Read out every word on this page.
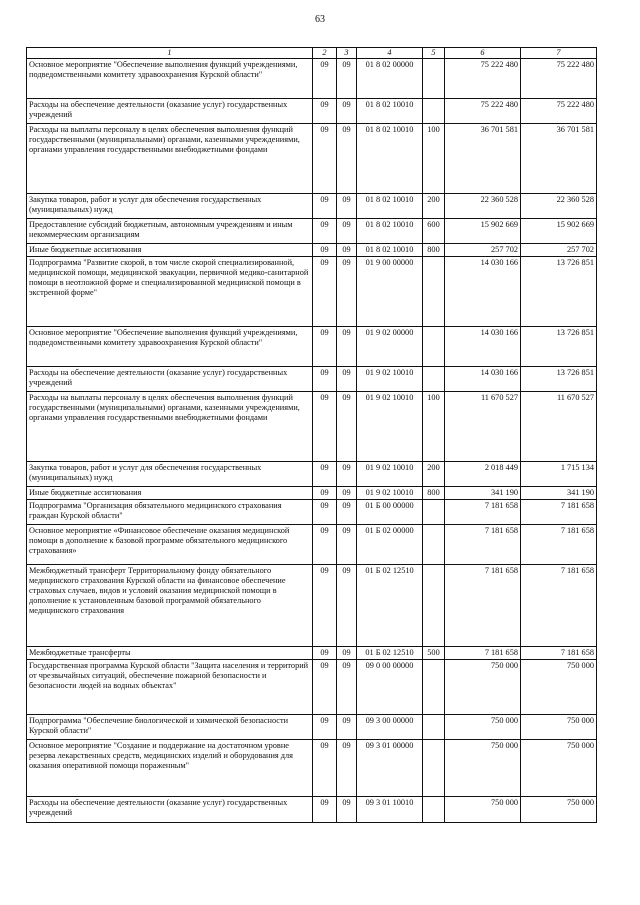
63
1	2	3	4	5	6	7
Основное мероприятие "Обеспечение выполнения функций учреждениями, подведомственными комитету здравоохранения Курской области"	09	09	01 8 02 00000		75 222 480	75 222 480
Расходы на обеспечение деятельности (оказание услуг) государственных учреждений	09	09	01 8 02 10010		75 222 480	75 222 480
Расходы на выплаты персоналу в целях обеспечения выполнения функций государственными (муниципальными) органами, казенными учреждениями, органами управления государственными внебюджетными фондами	09	09	01 8 02 10010	100	36 701 581	36 701 581
Закупка товаров, работ и услуг для обеспечения государственных (муниципальных) нужд	09	09	01 8 02 10010	200	22 360 528	22 360 528
Предоставление субсидий бюджетным, автономным учреждениям и иным некоммерческим организациям	09	09	01 8 02 10010	600	15 902 669	15 902 669
Иные бюджетные ассигнования	09	09	01 8 02 10010	800	257 702	257 702
Подпрограмма "Развитие скорой, в том числе скорой специализированной, медицинской помощи, медицинской эвакуации, первичной медико-санитарной помощи в неотложной форме и специализированной медицинской помощи в экстренной форме"	09	09	01 9 00 00000		14 030 166	13 726 851
Основное мероприятие "Обеспечение выполнения функций учреждениями, подведомственными комитету здравоохранения Курской области"	09	09	01 9 02 00000		14 030 166	13 726 851
Расходы на обеспечение деятельности (оказание услуг) государственных учреждений	09	09	01 9 02 10010		14 030 166	13 726 851
Расходы на выплаты персоналу в целях обеспечения выполнения функций государственными (муниципальными) органами, казенными учреждениями, органами управления государственными внебюджетными фондами	09	09	01 9 02 10010	100	11 670 527	11 670 527
Закупка товаров, работ и услуг для обеспечения государственных (муниципальных) нужд	09	09	01 9 02 10010	200	2 018 449	1 715 134
Иные бюджетные ассигнования	09	09	01 9 02 10010	800	341 190	341 190
Подпрограмма "Организация обязательного медицинского страхования граждан Курской области"	09	09	01 Б 00 00000		7 181 658	7 181 658
Основное мероприятие «Финансовое обеспечение оказания медицинской помощи в дополнение к базовой программе обязательного медицинского страхования»	09	09	01 Б 02 00000		7 181 658	7 181 658
Межбюджетный трансферт Территориальному фонду обязательного медицинского страхования Курской области на финансовое обеспечение страховых случаев, видов и условий оказания медицинской помощи в дополнение к установленным базовой программой обязательного медицинского страхования	09	09	01 Б 02 12510		7 181 658	7 181 658
Межбюджетные трансферты	09	09	01 Б 02 12510	500	7 181 658	7 181 658
Государственная программа Курской области "Защита населения и территорий от чрезвычайных ситуаций, обеспечение пожарной безопасности и безопасности людей на водных объектах"	09	09	09 0 00 00000		750 000	750 000
Подпрограмма "Обеспечение биологической и химической безопасности Курской области"	09	09	09 3 00 00000		750 000	750 000
Основное мероприятие "Создание и поддержание на достаточном уровне резерва лекарственных средств, медицинских изделий и оборудования для оказания оперативной помощи пораженным"	09	09	09 3 01 00000		750 000	750 000
Расходы на обеспечение деятельности (оказание услуг) государственных учреждений	09	09	09 3 01 10010		750 000	750 000
